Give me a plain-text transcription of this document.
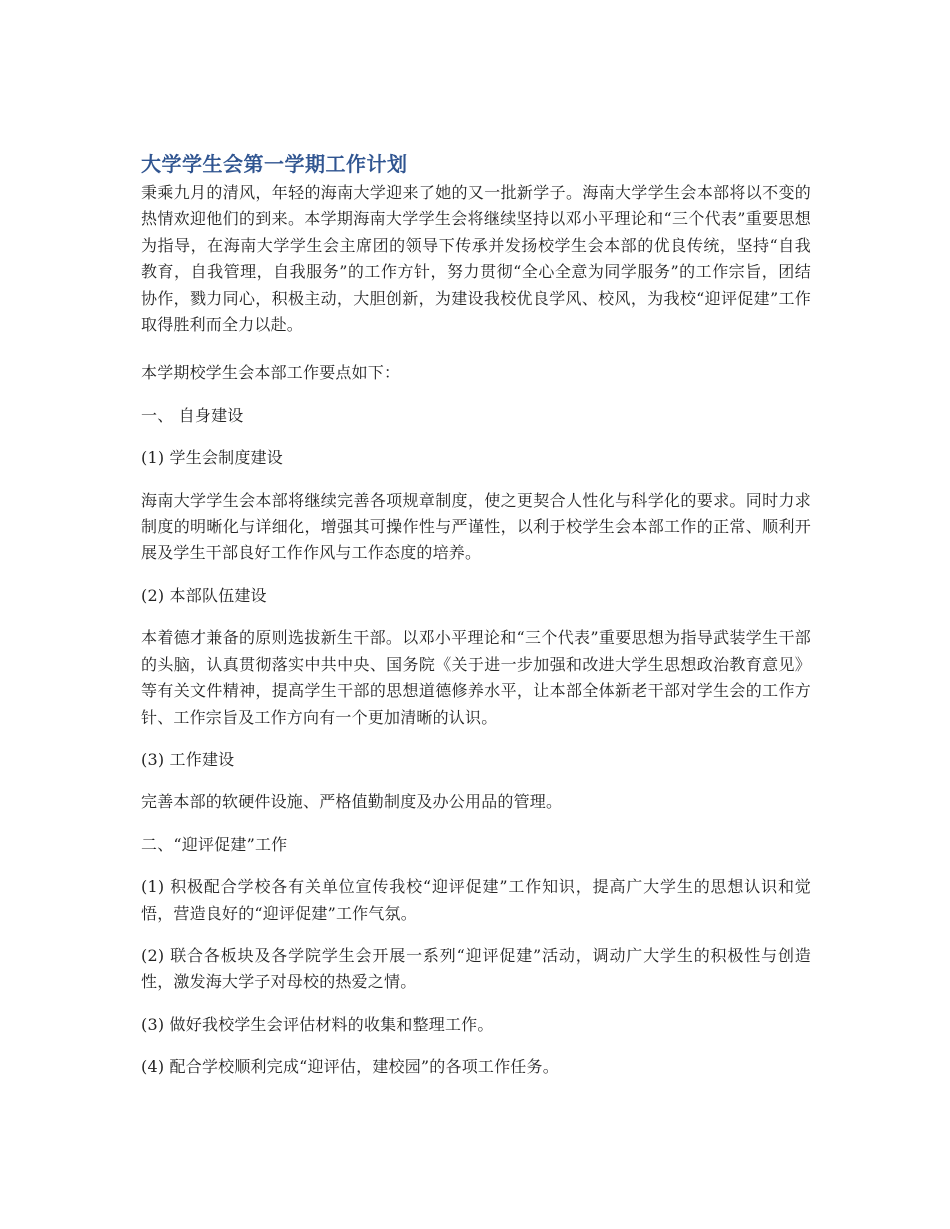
大学学生会第一学期工作计划

秉乘九月的清风，年轻的海南大学迎来了她的又一批新学子。海南大学学生会本部将以不变的热情欢迎他们的到来。本学期海南大学学生会将继续坚持以邓小平理论和“三个代表”重要思想为指导，在海南大学学生会主席团的领导下传承并发扬校学生会本部的优良传统，坚持“自我教育，自我管理，自我服务”的工作方针，努力贯彻“全心全意为同学服务”的工作宗旨，团结协作，戮力同心，积极主动，大胆创新，为建设我校优良学风、校风，为我校“迎评促建”工作取得胜利而全力以赴。

本学期校学生会本部工作要点如下：

一、 自身建设

(1) 学生会制度建设

海南大学学生会本部将继续完善各项规章制度，使之更契合人性化与科学化的要求。同时力求制度的明晰化与详细化，增强其可操作性与严谨性，以利于校学生会本部工作的正常、顺利开展及学生干部良好工作作风与工作态度的培养。

(2) 本部队伍建设

本着德才兼备的原则选拔新生干部。以邓小平理论和“三个代表”重要思想为指导武装学生干部的头脑，认真贯彻落实中共中央、国务院《关于进一步加强和改进大学生思想政治教育意见》等有关文件精神，提高学生干部的思想道德修养水平，让本部全体新老干部对学生会的工作方针、工作宗旨及工作方向有一个更加清晰的认识。

(3) 工作建设

完善本部的软硬件设施、严格值勤制度及办公用品的管理。

二、“迎评促建”工作

(1) 积极配合学校各有关单位宣传我校“迎评促建”工作知识，提高广大学生的思想认识和觉悟，营造良好的“迎评促建”工作气氛。

(2) 联合各板块及各学院学生会开展一系列“迎评促建”活动，调动广大学生的积极性与创造性，激发海大学子对母校的热爱之情。

(3) 做好我校学生会评估材料的收集和整理工作。

(4) 配合学校顺利完成“迎评估，建校园”的各项工作任务。
